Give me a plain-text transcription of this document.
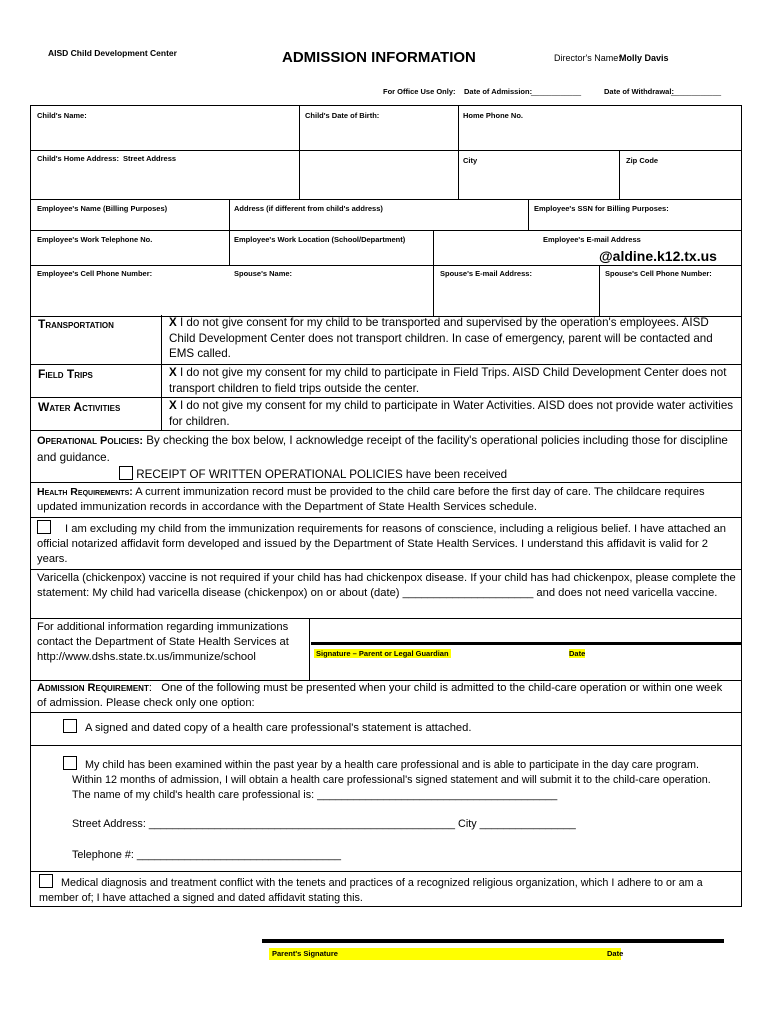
AISD Child Development Center	ADMISSION INFORMATION	Director's Name:
Molly Davis
For Office Use Only: Date of Admission:
____________	Date of Withdrawal:
____________
Child's Name:	Child's Date of Birth:	Home Phone No.
Child's Home Address: Street Address	City	Zip Code
Employee's Name (Billing Purposes)	Address (if different from child's address)	Employee's SSN for Billing Purposes:
Employee's Work Telephone No.	Employee's Work Location (School/Department)	Employee's E-mail Address
@aldine.k12.tx.us
Employee's Cell Phone Number:	Spouse's Name:	Spouse's E-mail Address:	Spouse's Cell Phone Number:
Transportation	X I do not give consent for my child to be transported and supervised by the operation's employees. AISD Child Development Center does not transport children. In case of emergency, parent will be contacted and EMS called.
Field Trips	X I do not give my consent for my child to participate in Field Trips. AISD Child Development Center does not transport children to field trips outside the center.
Water Activities	X I do not give my consent for my child to participate in Water Activities. AISD does not provide water activities for children.
Operational Policies: By checking the box below, I acknowledge receipt of the facility's operational policies including those for discipline and guidance.
RECEIPT OF WRITTEN OPERATIONAL POLICIES have been received
Health Requirements: A current immunization record must be provided to the child care before the first day of care. The childcare requires updated immunization records in accordance with the Department of State Health Services schedule.
I am excluding my child from the immunization requirements for reasons of conscience, including a religious belief. I have attached an official notarized affidavit form developed and issued by the Department of State Health Services. I understand this affidavit is valid for 2 years.
Varicella (chickenpox) vaccine is not required if your child has had chickenpox disease. If your child has had chickenpox, please complete the statement: My child had varicella disease (chickenpox) on or about (date) _____________________ and does not need varicella vaccine.
For additional information regarding immunizations contact the Department of State Health Services at http://www.dshs.state.tx.us/immunize/school	Signature – Parent or Legal Guardian	Date
Admission Requirement:   One of the following must be presented when your child is admitted to the child-care operation or within one week of admission. Please check only one option:
A signed and dated copy of a health care professional's statement is attached.
My child has been examined within the past year by a health care professional and is able to participate in the day care program.
Within 12 months of admission, I will obtain a health care professional's signed statement and will submit it to the child-care operation.
The name of my child's health care professional is: ________________________________________
Street Address: ___________________________________________________ City ________________
Telephone #: __________________________________
Medical diagnosis and treatment conflict with the tenets and practices of a recognized religious organization, which I adhere to or am a member of; I have attached a signed and dated affidavit stating this.
Parent's Signature	Date
